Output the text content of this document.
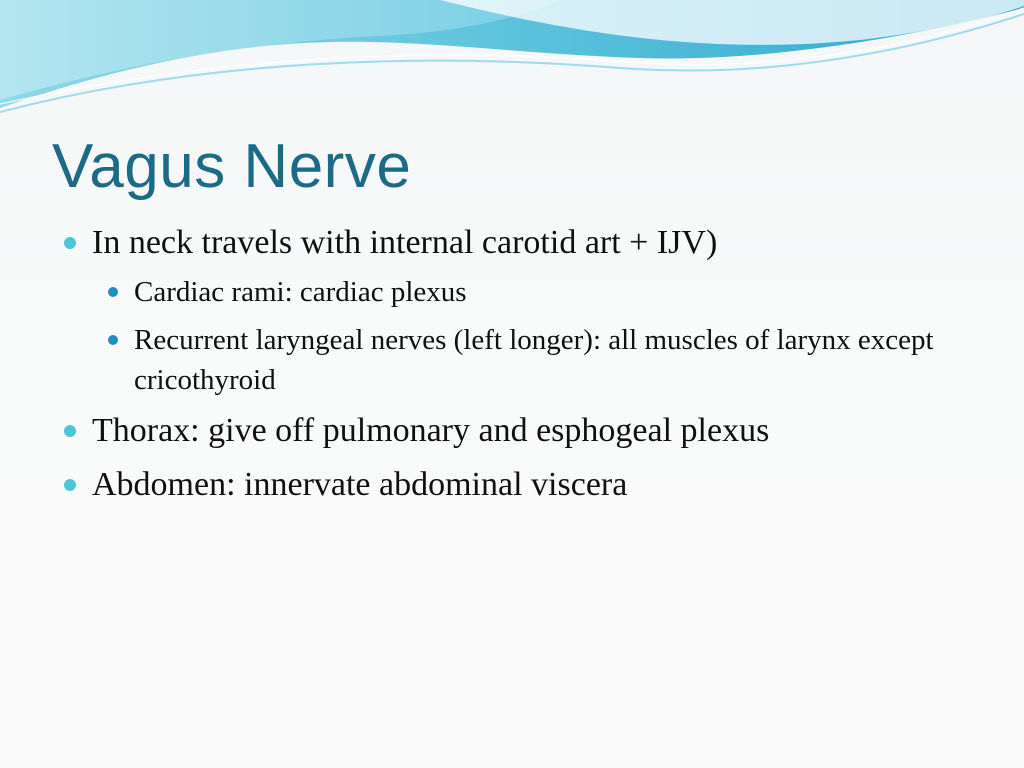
Vagus Nerve
In neck travels with internal carotid art + IJV)
Cardiac rami: cardiac plexus
Recurrent laryngeal nerves (left longer): all muscles of larynx except cricothyroid
Thorax: give off pulmonary and esphogeal plexus
Abdomen: innervate abdominal viscera
